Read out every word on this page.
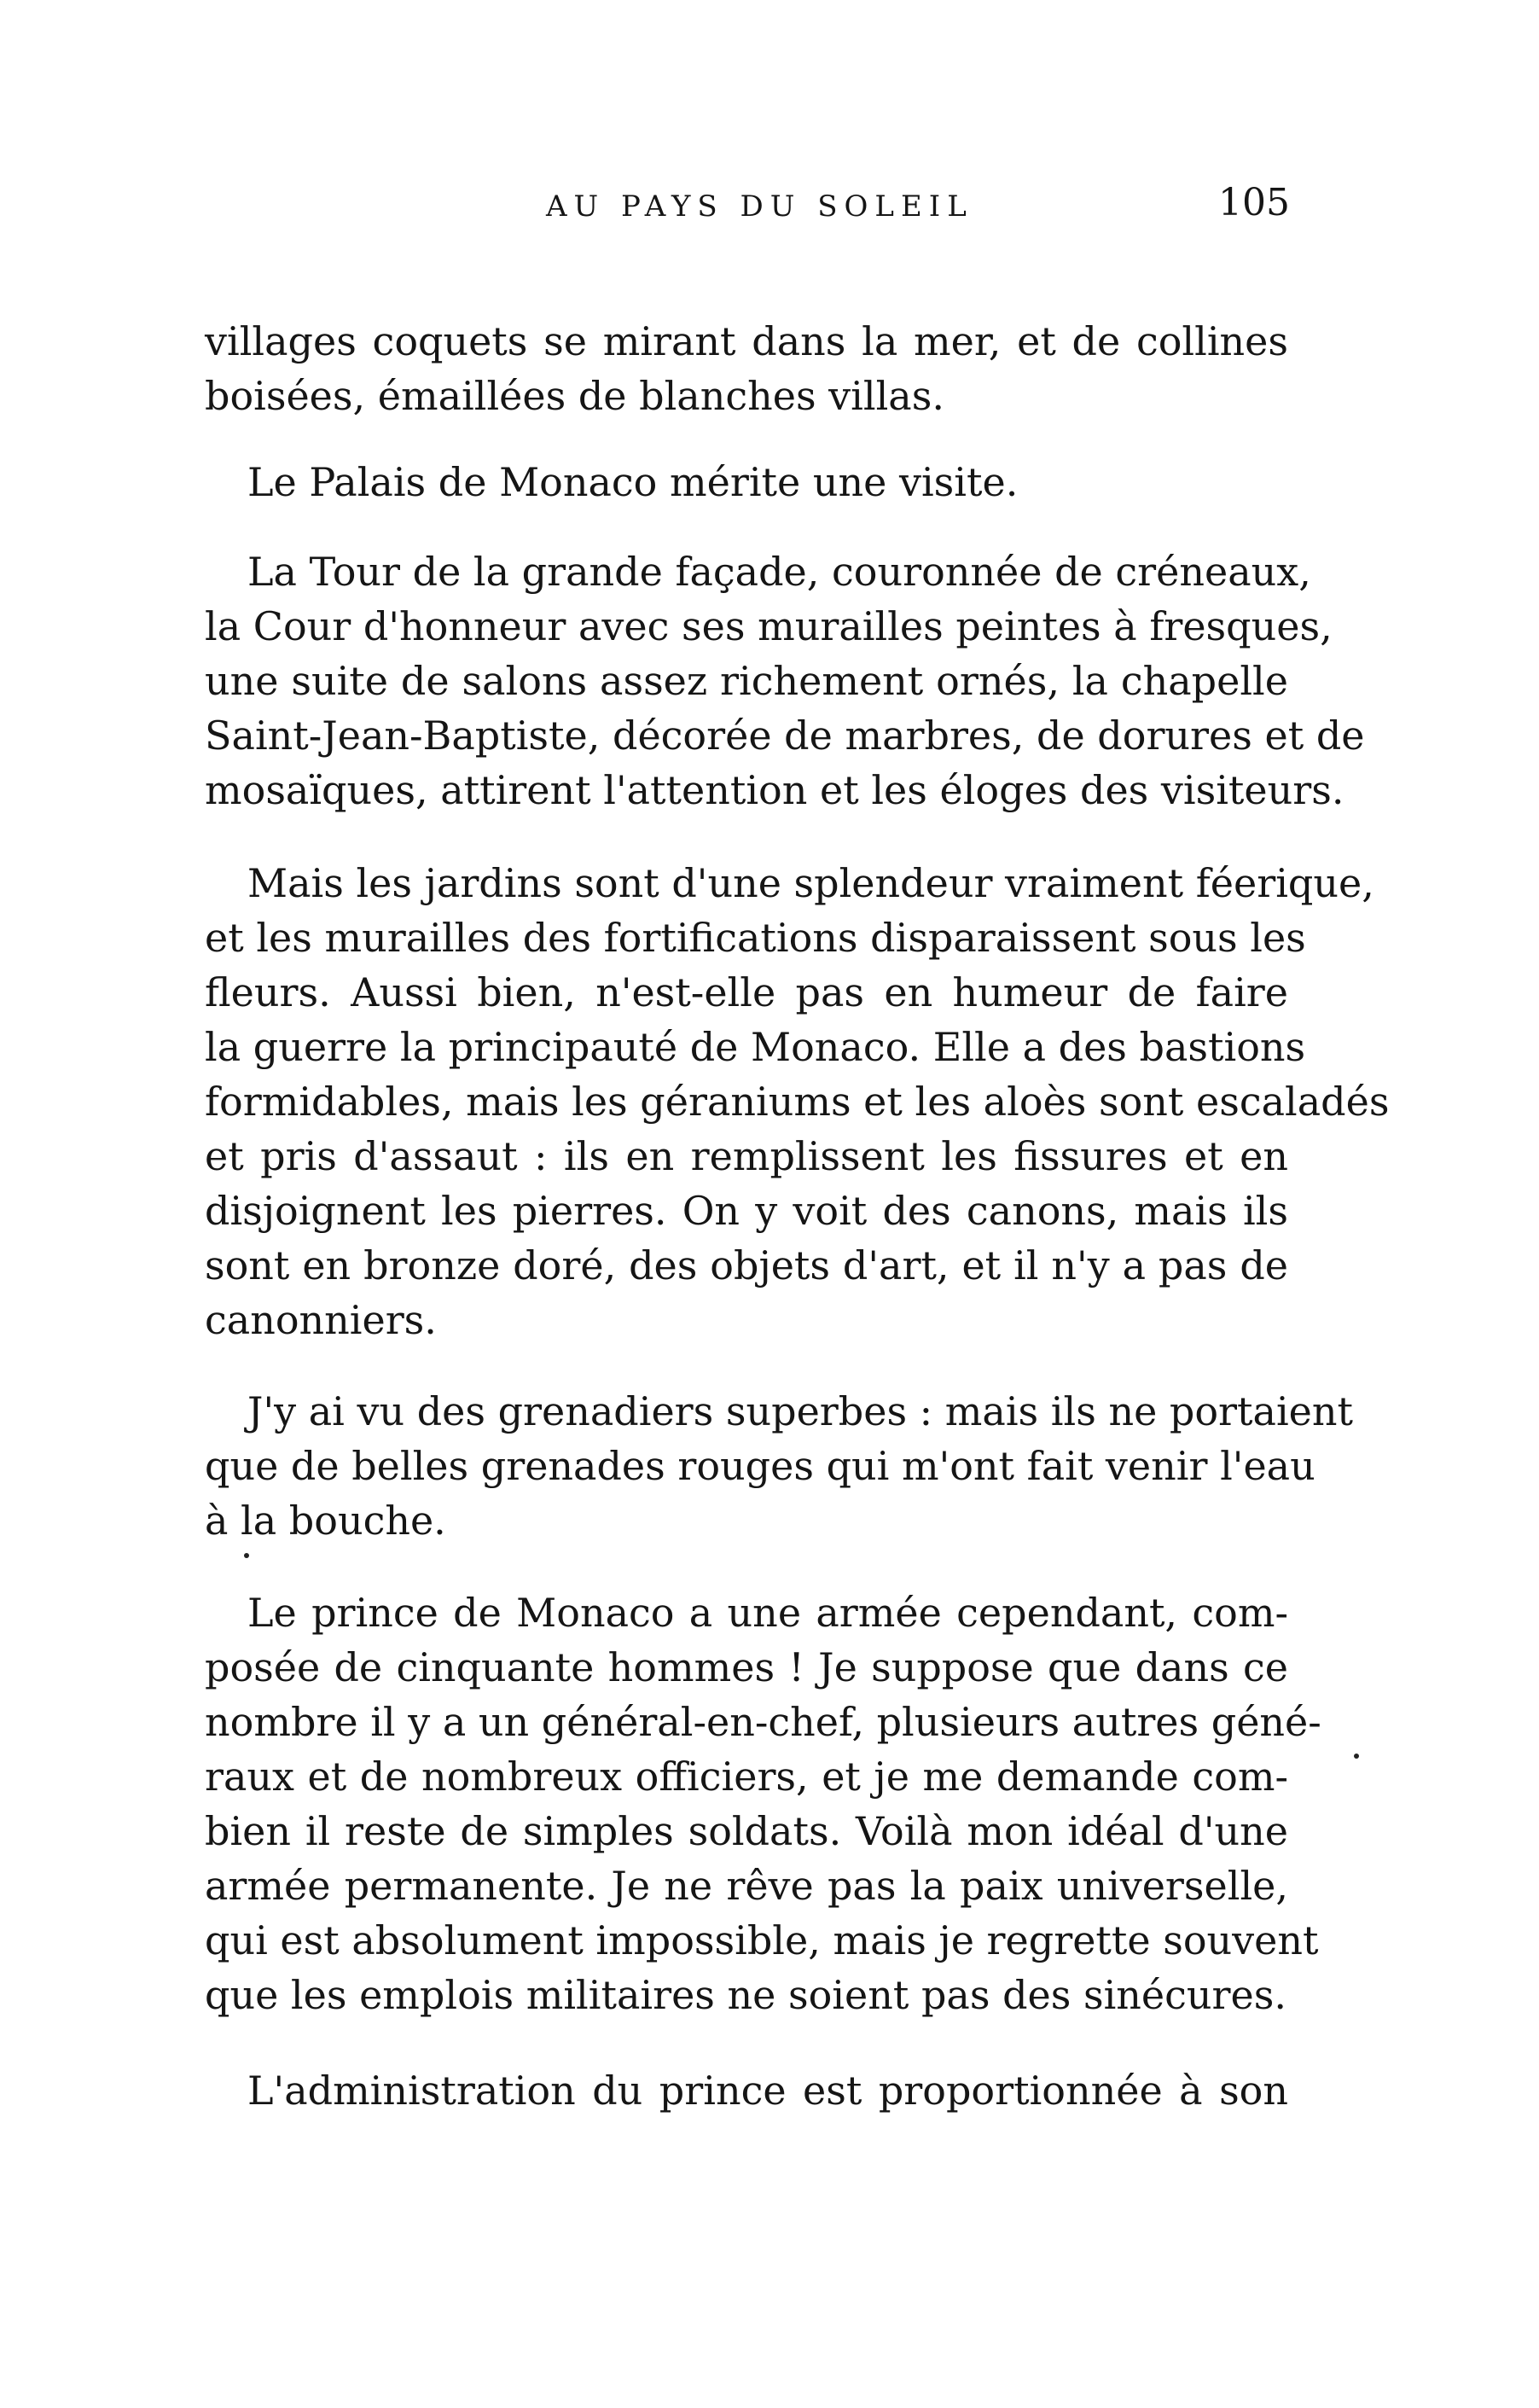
AU PAYS DU SOLEIL	105
villages coquets se mirant dans la mer, et de collines
boisées, émaillées de blanches villas.
Le Palais de Monaco mérite une visite.
La Tour de la grande façade, couronnée de créneaux,
la Cour d'honneur avec ses murailles peintes à fresques,
une suite de salons assez richement ornés, la chapelle
Saint-Jean-Baptiste, décorée de marbres, de dorures et de
mosaïques, attirent l'attention et les éloges des visiteurs.
Mais les jardins sont d'une splendeur vraiment féerique,
et les murailles des fortifications disparaissent sous les
fleurs. Aussi bien, n'est-elle pas en humeur de faire
la guerre la principauté de Monaco. Elle a des bastions
formidables, mais les géraniums et les aloès sont escaladés
et pris d'assaut : ils en remplissent les fissures et en
disjoignent les pierres. On y voit des canons, mais ils
sont en bronze doré, des objets d'art, et il n'y a pas de
canonniers.
J'y ai vu des grenadiers superbes : mais ils ne portaient
que de belles grenades rouges qui m'ont fait venir l'eau
à la bouche.
Le prince de Monaco a une armée cependant, com-
posée de cinquante hommes ! Je suppose que dans ce
nombre il y a un général-en-chef, plusieurs autres géné-
raux et de nombreux officiers, et je me demande com-
bien il reste de simples soldats. Voilà mon idéal d'une
armée permanente. Je ne rêve pas la paix universelle,
qui est absolument impossible, mais je regrette souvent
que les emplois militaires ne soient pas des sinécures.
L'administration du prince est proportionnée à son
